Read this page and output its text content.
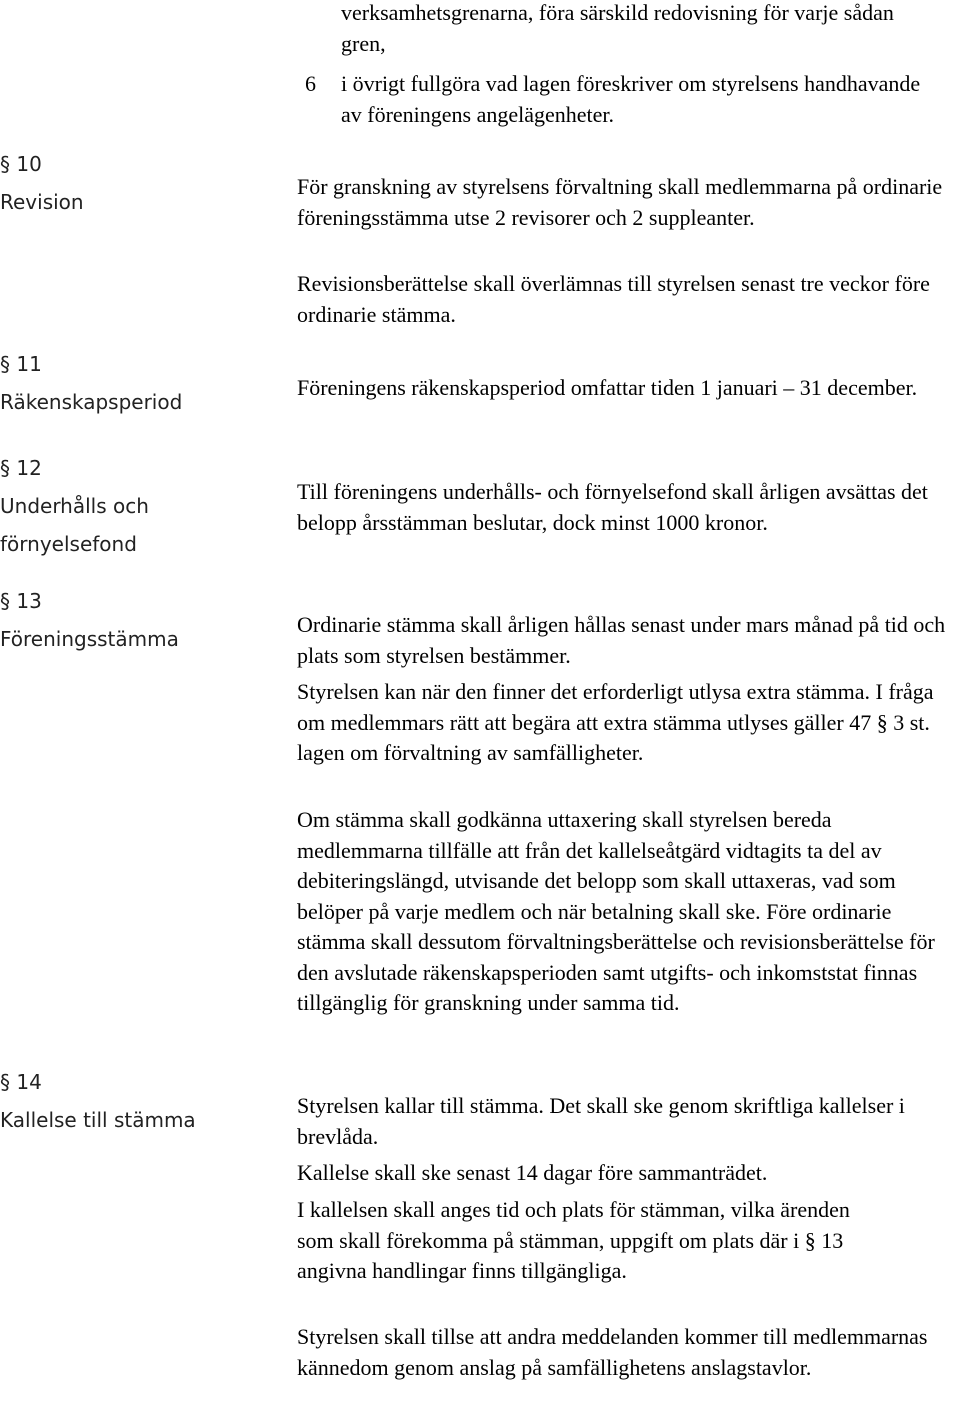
verksamhetsgrenarna, föra särskild redovisning för varje sådan gren,

6 i övrigt fullgöra vad lagen föreskriver om styrelsens handhavande av föreningens angelägenheter.

§ 10
Revision

För granskning av styrelsens förvaltning skall medlemmarna på ordinarie föreningsstämma utse 2 revisorer och 2 suppleanter.

Revisionsberättelse skall överlämnas till styrelsen senast tre veckor före ordinarie stämma.

§ 11
Räkenskapsperiod

Föreningens räkenskapsperiod omfattar tiden 1 januari – 31 december.

§ 12
Underhålls och
förnyelsefond

Till föreningens underhålls- och förnyelsefond skall årligen avsättas det belopp årsstämman beslutar, dock minst 1000 kronor.

§ 13
Föreningsstämma

Ordinarie stämma skall årligen hållas senast under mars månad på tid och plats som styrelsen bestämmer.

Styrelsen kan när den finner det erforderligt utlysa extra stämma. I fråga om medlemmars rätt att begära att extra stämma utlyses gäller 47 § 3 st. lagen om förvaltning av samfälligheter.

Om stämma skall godkänna uttaxering skall styrelsen bereda medlemmarna tillfälle att från det kallelseåtgärd vidtagits ta del av debiteringslängd, utvisande det belopp som skall uttaxeras, vad som belöper på varje medlem och när betalning skall ske. Före ordinarie stämma skall dessutom förvaltningsberättelse och revisionsberättelse för den avslutade räkenskapsperioden samt utgifts- och inkomststat finnas tillgänglig för granskning under samma tid.

§ 14
Kallelse till stämma

Styrelsen kallar till stämma. Det skall ske genom skriftliga kallelser i brevlåda.

Kallelse skall ske senast 14 dagar före sammanträdet.

I kallelsen skall anges tid och plats för stämman, vilka ärenden som skall förekomma på stämman, uppgift om plats där i § 13 angivna handlingar finns tillgängliga.

Styrelsen skall tillse att andra meddelanden kommer till medlemmarnas kännedom genom anslag på samfällighetens anslagstavlor.
